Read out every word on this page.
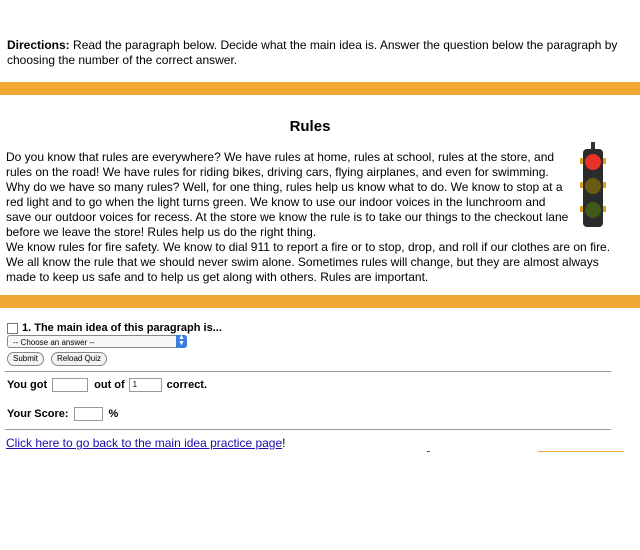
Directions: Read the paragraph below. Decide what the main idea is. Answer the question below the paragraph by choosing the number of the correct answer.
Rules
Do you know that rules are everywhere? We have rules at home, rules at school, rules at the store, and rules on the road! We have rules for riding bikes, driving cars, flying airplanes, and even for swimming. Why do we have so many rules? Well, for one thing, rules help us know what to do. We know to stop at a red light and to go when the light turns green. We know to use our indoor voices in the lunchroom and save our outdoor voices for recess. At the store we know the rule is to take our things to the checkout lane before we leave the store! Rules help us do the right thing.
We know rules for fire safety. We know to dial 911 to report a fire or to stop, drop, and roll if our clothes are on fire. We all know the rule that we should never swim alone. Sometimes rules will change, but they are almost always made to keep us safe and to help us get along with others. Rules are important.
1. The main idea of this paragraph is...
-- Choose an answer --
▲
▼
Submit	Reload Quiz
You got	out of	1	correct.
Your Score:	%
Click here to go back to the main idea practice page!
